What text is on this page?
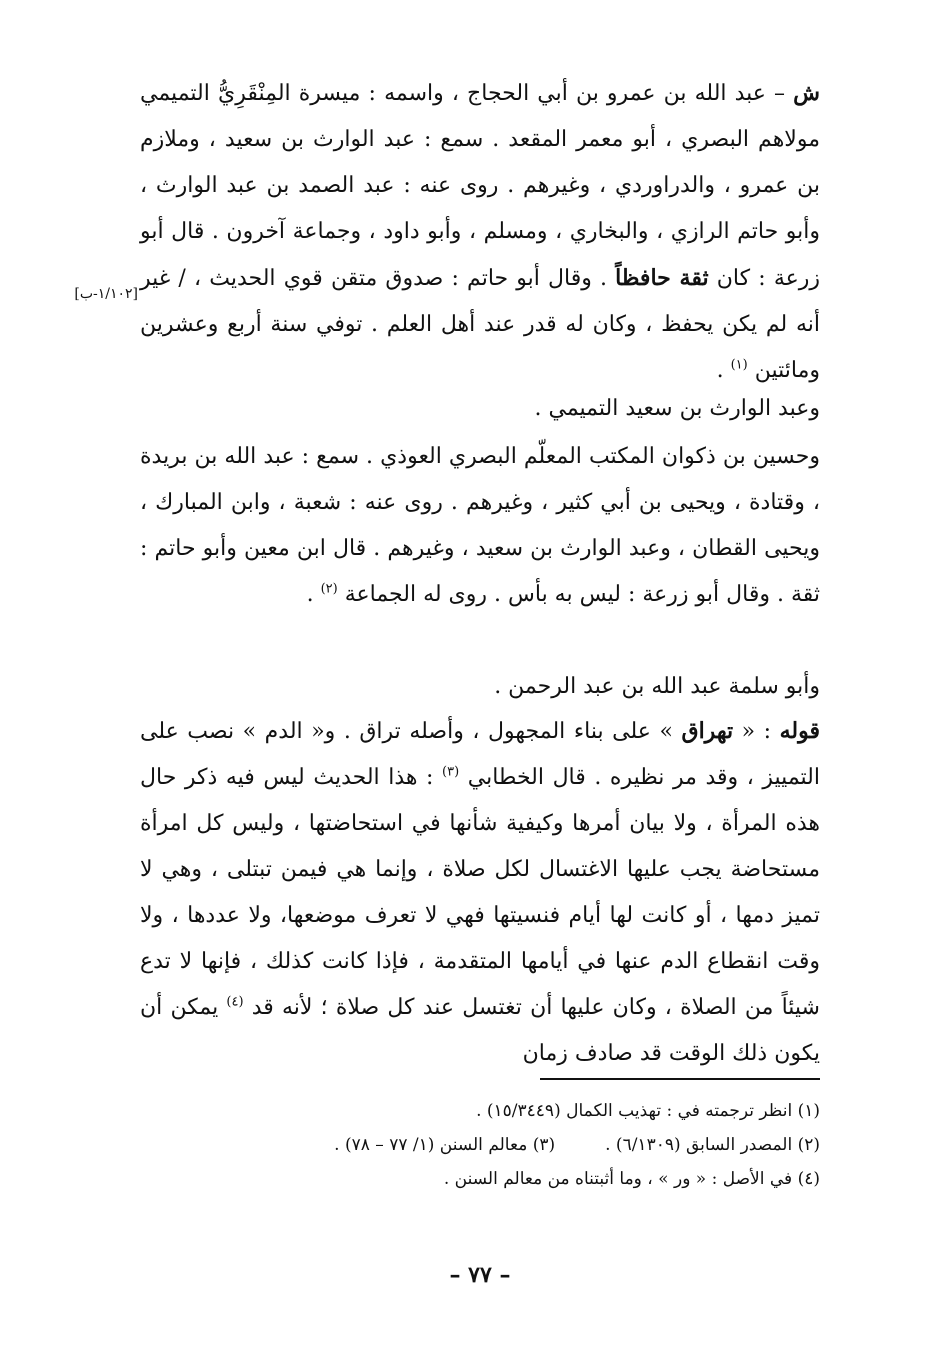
ش – عبد الله بن عمرو بن أبي الحجاج ، واسمه : ميسرة المِنْقَرِيُّ التميمي مولاهم البصري ، أبو معمر المقعد . سمع : عبد الوارث بن سعيد ، وملازم بن عمرو ، والدراوردي ، وغيرهم . روى عنه : عبد الصمد بن عبد الوارث ، وأبو حاتم الرازي ، والبخاري ، ومسلم ، وأبو داود ، وجماعة آخرون . قال أبو زرعة : كان ثقة حافظاً . وقال أبو حاتم : صدوق متقن قوي الحديث ، / غير أنه لم يكن يحفظ ، وكان له قدر عند أهل العلم . توفي سنة أربع وعشرين ومائتين $^{(١)}$ .

[١/١٠٢-ب]

وعبد الوارث بن سعيد التميمي .

وحسين بن ذكوان المكتب المعلّم البصري العوذي . سمع : عبد الله بن بريدة ، وقتادة ، ويحيى بن أبي كثير ، وغيرهم . روى عنه : شعبة ، وابن المبارك ، ويحيى القطان ، وعبد الوارث بن سعيد ، وغيرهم . قال ابن معين وأبو حاتم : ثقة . وقال أبو زرعة : ليس به بأس . روى له الجماعة $^{(٢)}$ .

وأبو سلمة عبد الله بن عبد الرحمن .

قوله : « تهراق » على بناء المجهول ، وأصله تراق . و« الدم » نصب على التمييز ، وقد مر نظيره . قال الخطابي $^{(٣)}$ : هذا الحديث ليس فيه ذكر حال هذه المرأة ، ولا بيان أمرها وكيفية شأنها في استحاضتها ، وليس كل امرأة مستحاضة يجب عليها الاغتسال لكل صلاة ، وإنما هي فيمن تبتلى ، وهي لا تميز دمها ، أو كانت لها أيام فنسيتها فهي لا تعرف موضعها، ولا عددها ، ولا وقت انقطاع الدم عنها في أيامها المتقدمة ، فإذا كانت كذلك ، فإنها لا تدع شيئاً من الصلاة ، وكان عليها أن تغتسل عند كل صلاة ؛ لأنه قد $^{(٤)}$ يمكن أن يكون ذلك الوقت قد صادف زمان

(١) انظر ترجمته في : تهذيب الكمال (١٥/٣٤٤٩) .

(٢) المصدر السابق (٦/١٣٠٩) .(٣) معالم السنن (١/ ٧٧ – ٧٨) .

(٤) في الأصل : « ور » ، وما أثبتناه من معالم السنن .

– ٧٧ –
